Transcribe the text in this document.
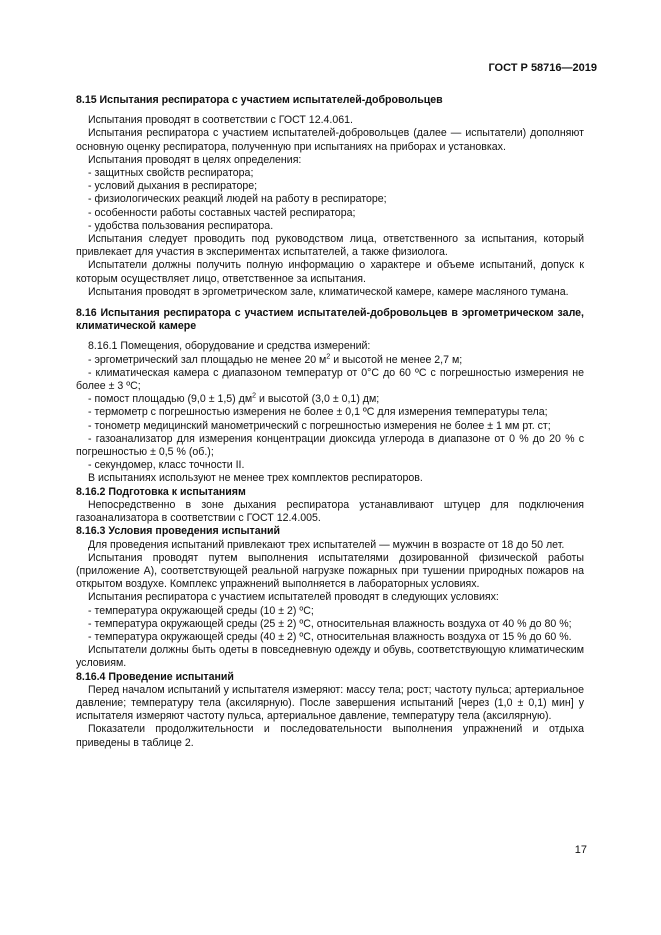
ГОСТ Р 58716—2019

8.15 Испытания респиратора с участием испытателей-добровольцев

Испытания проводят в соответствии с ГОСТ 12.4.061.

Испытания респиратора с участием испытателей-добровольцев (далее — испытатели) дополняют основную оценку респиратора, полученную при испытаниях на приборах и установках.

Испытания проводят в целях определения:

- защитных свойств респиратора;

- условий дыхания в респираторе;

- физиологических реакций людей на работу в респираторе;

- особенности работы составных частей респиратора;

- удобства пользования респиратора.

Испытания следует проводить под руководством лица, ответственного за испытания, который привлекает для участия в экспериментах испытателей, а также физиолога.

Испытатели должны получить полную информацию о характере и объеме испытаний, допуск к которым осуществляет лицо, ответственное за испытания.

Испытания проводят в эргометрическом зале, климатической камере, камере масляного тумана.

8.16 Испытания респиратора с участием испытателей-добровольцев в эргометрическом зале, климатической камере

8.16.1 Помещения, оборудование и средства измерений:

- эргометрический зал площадью не менее 20 $м^2$ и высотой не менее 2,7 м;

- климатическая камера с диапазоном температур от 0°С до 60 ºС с погрешностью измерения не более ± 3 ºС;

- помост площадью (9,0 ± 1,5) $дм^2$ и высотой (3,0 ± 0,1) дм;

- термометр с погрешностью измерения не более ± 0,1 ºС для измерения температуры тела;

- тонометр медицинский манометрический с погрешностью измерения не более ± 1 мм рт. ст;

- газоанализатор для измерения концентрации диоксида углерода в диапазоне от 0 % до 20 % с погрешностью ± 0,5 % (об.);

- секундомер, класс точности II.

В испытаниях используют не менее трех комплектов респираторов.

8.16.2 Подготовка к испытаниям

Непосредственно в зоне дыхания респиратора устанавливают штуцер для подключения газоанализатора в соответствии с ГОСТ 12.4.005.

8.16.3 Условия проведения испытаний

Для проведения испытаний привлекают трех испытателей — мужчин в возрасте от 18 до 50 лет.

Испытания проводят путем выполнения испытателями дозированной физической работы (приложение А), соответствующей реальной нагрузке пожарных при тушении природных пожаров на открытом воздухе. Комплекс упражнений выполняется в лабораторных условиях.

Испытания респиратора с участием испытателей проводят в следующих условиях:

- температура окружающей среды (10 ± 2) ºС;

- температура окружающей среды (25 ± 2) ºС, относительная влажность воздуха от 40 % до 80 %;

- температура окружающей среды (40 ± 2) ºС, относительная влажность воздуха от 15 % до 60 %.

Испытатели должны быть одеты в повседневную одежду и обувь, соответствующую климатическим условиям.

8.16.4 Проведение испытаний

Перед началом испытаний у испытателя измеряют: массу тела; рост; частоту пульса; артериальное давление; температуру тела (аксилярную). После завершения испытаний [через (1,0 ± 0,1) мин] у испытателя измеряют частоту пульса, артериальное давление, температуру тела (аксилярную).

Показатели продолжительности и последовательности выполнения упражнений и отдыха приведены в таблице 2.

17
